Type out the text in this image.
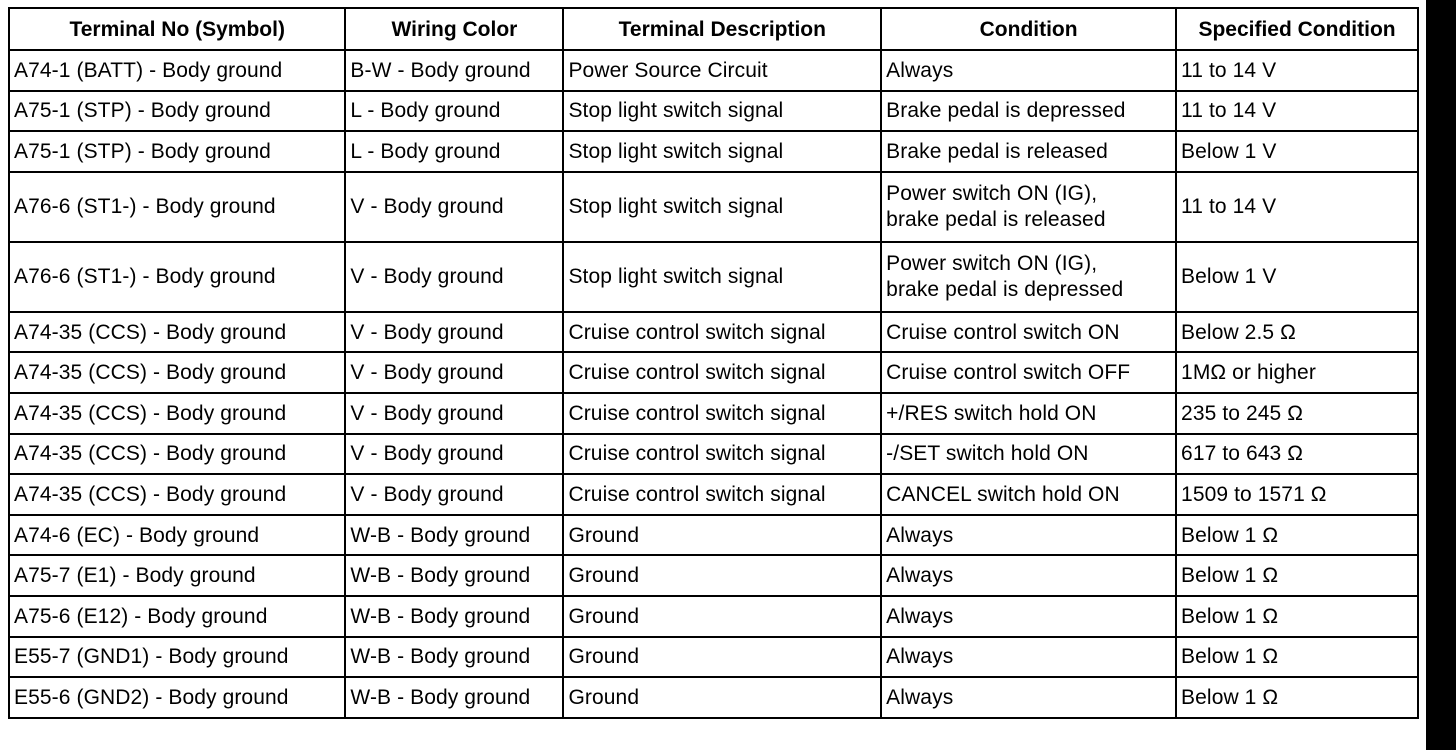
Terminal No (Symbol)	Wiring Color	Terminal Description	Condition	Specified Condition
A74-1 (BATT) - Body ground	B-W - Body ground	Power Source Circuit	Always	11 to 14 V
A75-1 (STP) - Body ground	L - Body ground	Stop light switch signal	Brake pedal is depressed	11 to 14 V
A75-1 (STP) - Body ground	L - Body ground	Stop light switch signal	Brake pedal is released	Below 1 V
A76-6 (ST1-) - Body ground	V - Body ground	Stop light switch signal	Power switch ON (IG),
brake pedal is released	11 to 14 V
A76-6 (ST1-) - Body ground	V - Body ground	Stop light switch signal	Power switch ON (IG),
brake pedal is depressed	Below 1 V
A74-35 (CCS) - Body ground	V - Body ground	Cruise control switch signal	Cruise control switch ON	Below 2.5 Ω
A74-35 (CCS) - Body ground	V - Body ground	Cruise control switch signal	Cruise control switch OFF	1MΩ or higher
A74-35 (CCS) - Body ground	V - Body ground	Cruise control switch signal	+/RES switch hold ON	235 to 245 Ω
A74-35 (CCS) - Body ground	V - Body ground	Cruise control switch signal	-/SET switch hold ON	617 to 643 Ω
A74-35 (CCS) - Body ground	V - Body ground	Cruise control switch signal	CANCEL switch hold ON	1509 to 1571 Ω
A74-6 (EC) - Body ground	W-B - Body ground	Ground	Always	Below 1 Ω
A75-7 (E1) - Body ground	W-B - Body ground	Ground	Always	Below 1 Ω
A75-6 (E12) - Body ground	W-B - Body ground	Ground	Always	Below 1 Ω
E55-7 (GND1) - Body ground	W-B - Body ground	Ground	Always	Below 1 Ω
E55-6 (GND2) - Body ground	W-B - Body ground	Ground	Always	Below 1 Ω
